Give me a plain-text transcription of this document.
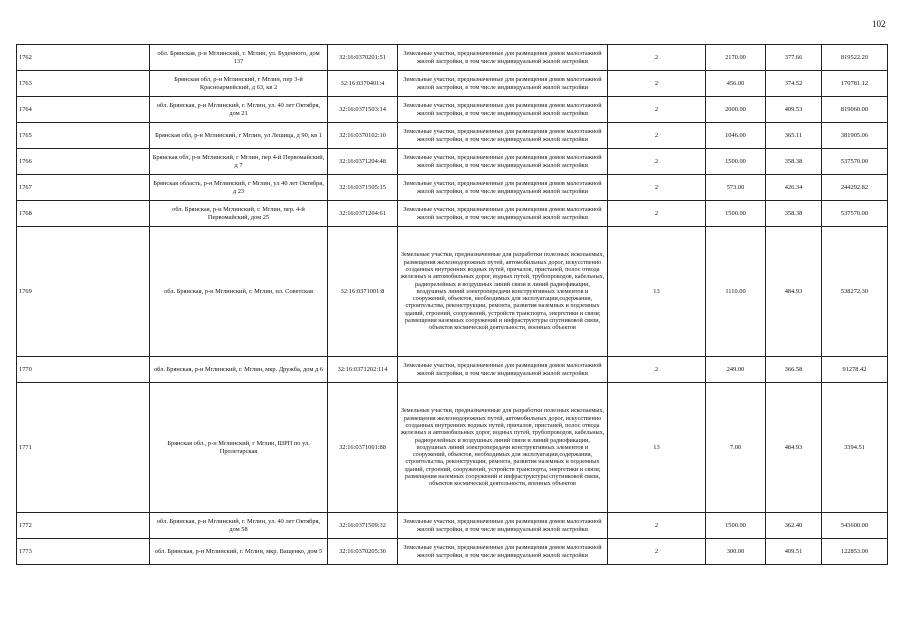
102
1762	обл. Брянская, р-н Мглинский, г. Мглин, ул. Буденного, дом 137	32:16:0370201:51	Земельные участки, предназначенные для размещения домов малоэтажной жилой застройки, в том числе индивидуальной жилой застройки	2	2170.00	377.66	819522.20
1763	Брянская обл, р-н Мглинский, г Мглин, пер 3-й Красноармейский, д 63, кв 2	32:16:0370401:4	Земельные участки, предназначенные для размещения домов малоэтажной жилой застройки, в том числе индивидуальной жилой застройки	2	456.00	374.52	170781.12
1764	обл. Брянская, р-н Мглинский, г. Мглин, ул. 40 лет Октября, дом 21	32:16:0371503:14	Земельные участки, предназначенные для размещения домов малоэтажной жилой застройки, в том числе индивидуальной жилой застройки	2	2000.00	409.53	819060.00
1765	Брянская обл, р-н Мглинский, г Мглин, ул Лешица, д 90, кв 1	32:16:0370102:10	Земельные участки, предназначенные для размещения домов малоэтажной жилой застройки, в том числе индивидуальной жилой застройки	2	1046.00	365.11	381905.06
1766	Брянская обл, р-н Мглинский, г Мглин, пер 4-й Первомайский, д 7	32:16:0371204:48	Земельные участки, предназначенные для размещения домов малоэтажной жилой застройки, в том числе индивидуальной жилой застройки	2	1500.00	358.38	537570.00
1767	Брянская область, р-н Мглинский, г Мглин, ул 40 лет Октября, д 23	32:16:0371505:15	Земельные участки, предназначенные для размещения домов малоэтажной жилой застройки, в том числе индивидуальной жилой застройки	2	573.00	426.34	244292.82
1768	обл. Брянская, р-н Мглинский, г. Мглин, пер. 4-й Первомайский, дом 25	32:16:0371204:61	Земельные участки, предназначенные для размещения домов малоэтажной жилой застройки, в том числе индивидуальной жилой застройки	2	1500.00	358.38	537570.00
1769	обл. Брянская, р-н Мглинский, г. Мглин, пл. Советская	32:16:0371001:8	Земельные участки, предназначенные для разработки полезных ископаемых, размещения железнодорожных путей, автомобильных дорог, искусственно созданных внутренних водных путей, причалов, пристаней, полос отвода железных и автомобильных дорог, водных путей, трубопроводов, кабельных, радиорелейных и воздушных линий связи и линий радиофикации, воздушных линий электропередачи конструктивных элементов и сооружений, объектов, необходимых для эксплуатации,содержания, строительства, реконструкции, ремонта, развития наземных и подземных зданий, строений, сооружений, устройств транспорта, энергетики и связи; размещения наземных сооружений и инфраструктуры спутниковой связи, объектов космической деятельности, военных объектов	13	1110.00	484.93	538272.30
1770	обл. Брянская, р-н Мглинский, г. Мглин, мкр. Дружба, дом д 6	32:16:0371202:114	Земельные участки, предназначенные для размещения домов малоэтажной жилой застройки, в том числе индивидуальной жилой застройки	2	249.00	366.58	91278.42
1771	Брянская обл., р-н Мглинский, г Мглин, ШРП по ул. Пролетарская	32:16:0371001:88	Земельные участки, предназначенные для разработки полезных ископаемых, размещения железнодорожных путей, автомобильных дорог, искусственно созданных внутренних водных путей, причалов, пристаней, полос отвода железных и автомобильных дорог, водных путей, трубопроводов, кабельных, радиорелейных и воздушных линий связи и линий радиофикации, воздушных линий электропередачи конструктивных элементов и сооружений, объектов, необходимых для эксплуатации,содержания, строительства, реконструкции, ремонта, развития наземных и подземных зданий, строений, сооружений, устройств транспорта, энергетики и связи; размещения наземных сооружений и инфраструктуры спутниковой связи, объектов космической деятельности, военных объектов	13	7.00	484.93	3394.51
1772	обл. Брянская, р-н Мглинский, г. Мглин, ул. 40 лет Октября, дом 58	32:16:0371509:32	Земельные участки, предназначенные для размещения домов малоэтажной жилой застройки, в том числе индивидуальной жилой застройки	2	1500.00	362.40	543600.00
1773	обл. Брянская, р-н Мглинский, г. Мглин, мкр. Ващенко, дом 5	32:16:0370205:36	Земельные участки, предназначенные для размещения домов малоэтажной жилой застройки, в том числе индивидуальной жилой застройки	2	300.00	409.51	122853.00
